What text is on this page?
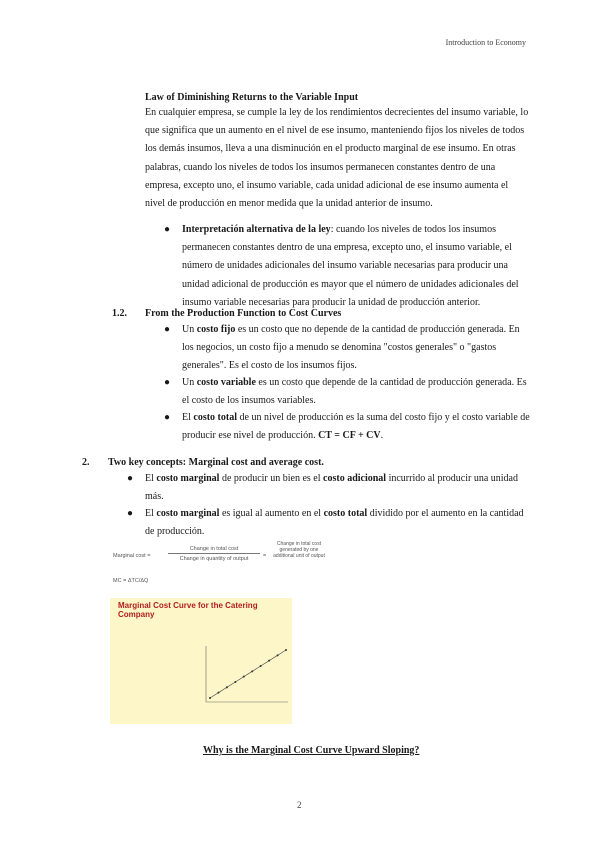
Introduction to Economy
Law of Diminishing Returns to the Variable Input
En cualquier empresa, se cumple la ley de los rendimientos decrecientes del insumo variable, lo que significa que un aumento en el nivel de ese insumo, manteniendo fijos los niveles de todos los demás insumos, lleva a una disminución en el producto marginal de ese insumo. En otras palabras, cuando los niveles de todos los insumos permanecen constantes dentro de una empresa, excepto uno, el insumo variable, cada unidad adicional de ese insumo aumenta el nivel de producción en menor medida que la unidad anterior de insumo.
● Interpretación alternativa de la ley: cuando los niveles de todos los insumos permanecen constantes dentro de una empresa, excepto uno, el insumo variable, el número de unidades adicionales del insumo variable necesarias para producir una unidad adicional de producción es mayor que el número de unidades adicionales del insumo variable necesarias para producir la unidad de producción anterior.
1.2. From the Production Function to Cost Curves
● Un costo fijo es un costo que no depende de la cantidad de producción generada. En los negocios, un costo fijo a menudo se denomina "costos generales" o "gastos generales". Es el costo de los insumos fijos.
● Un costo variable es un costo que depende de la cantidad de producción generada. Es el costo de los insumos variables.
● El costo total de un nivel de producción es la suma del costo fijo y el costo variable de producir ese nivel de producción. CT = CF + CV.
2. Two key concepts: Marginal cost and average cost.
● El costo marginal de producir un bien es el costo adicional incurrido al producir una unidad más.
● El costo marginal es igual al aumento en el costo total dividido por el aumento en la cantidad de producción.
Marginal cost =
Change in total cost
Change in quantity of output	=
Change in total cost generated by one additional unit of output
MC = ΔTC/ΔQ
Marginal Cost Curve for the Catering Company
Why is the Marginal Cost Curve Upward Sloping?
2
